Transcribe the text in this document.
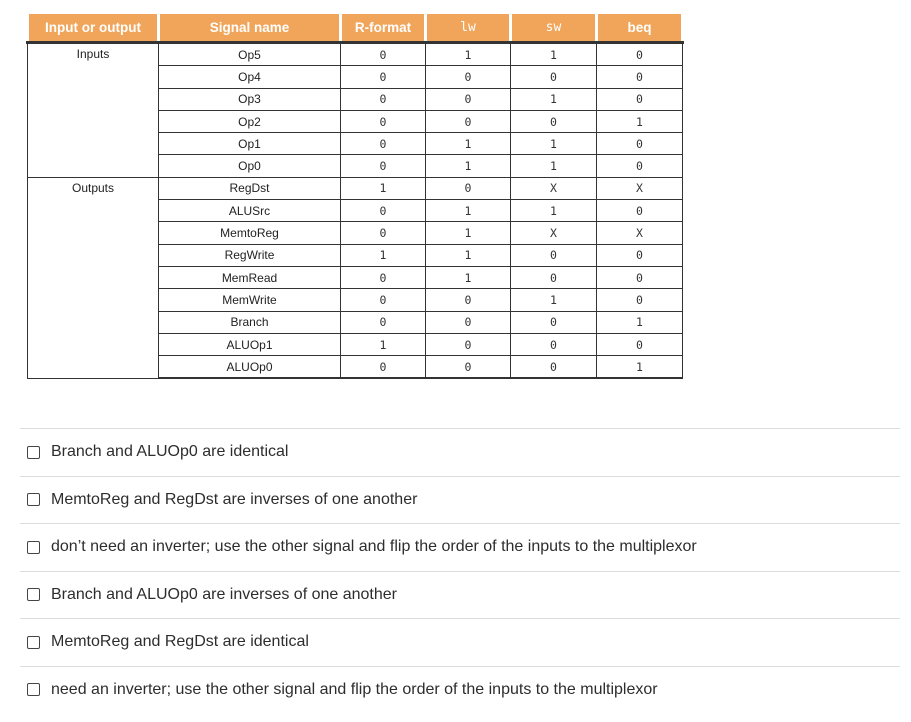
Input or output	Signal name	R-format	lw	sw	beq
Inputs	Op5	0	1	1	0
	Op4	0	0	0	0
	Op3	0	0	1	0
	Op2	0	0	0	1
	Op1	0	1	1	0
	Op0	0	1	1	0
Outputs	RegDst	1	0	X	X
	ALUSrc	0	1	1	0
	MemtoReg	0	1	X	X
	RegWrite	1	1	0	0
	MemRead	0	1	0	0
	MemWrite	0	0	1	0
	Branch	0	0	0	1
	ALUOp1	1	0	0	0
	ALUOp0	0	0	0	1
Branch and ALUOp0 are identical
MemtoReg and RegDst are inverses of one another
don’t need an inverter; use the other signal and flip the order of the inputs to the multiplexor
Branch and ALUOp0 are inverses of one another
MemtoReg and RegDst are identical
need an inverter; use the other signal and flip the order of the inputs to the multiplexor
